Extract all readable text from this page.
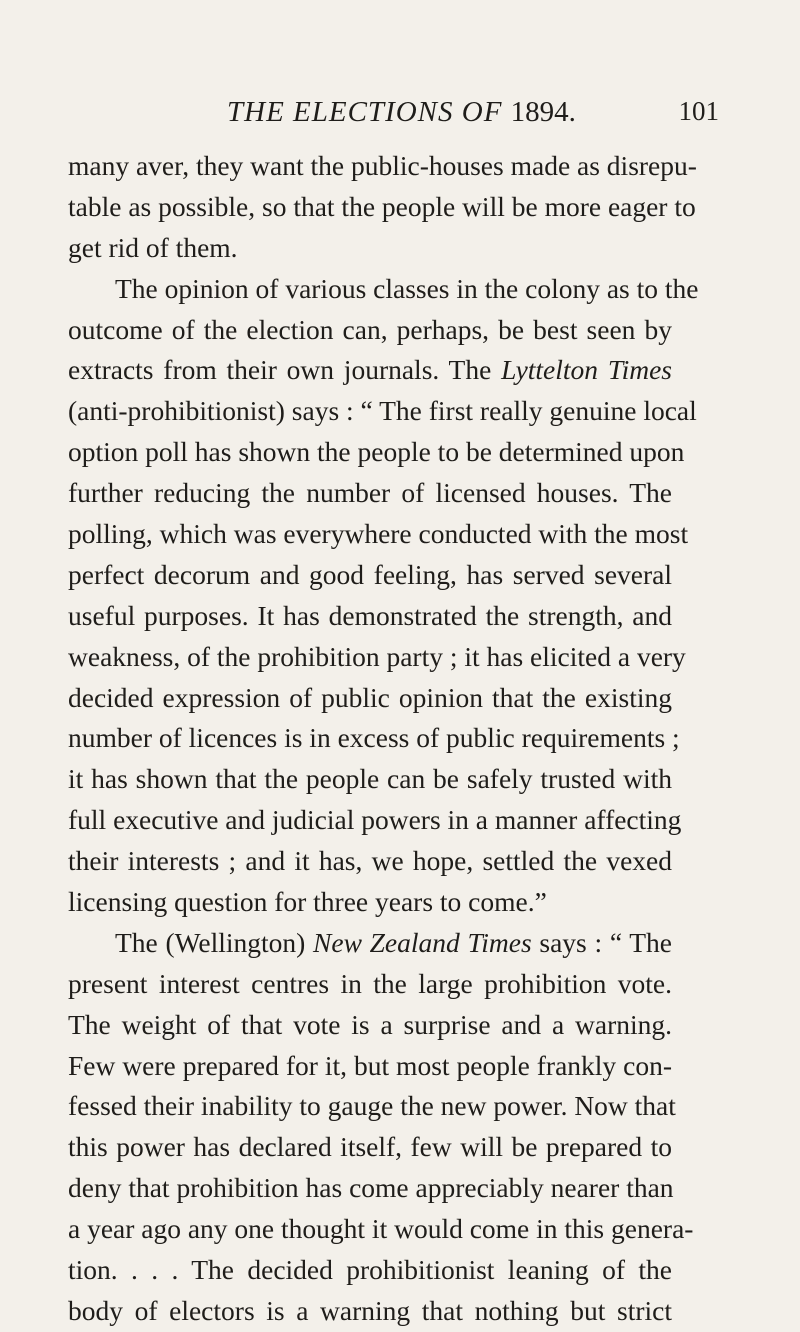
THE ELECTIONS OF 1894.	101
many aver, they want the public-houses made as disrepu-
table as possible, so that the people will be more eager to
get rid of them.
The opinion of various classes in the colony as to the
outcome of the election can, perhaps, be best seen by
extracts from their own journals. The Lyttelton Times
(anti-prohibitionist) says : “ The first really genuine local
option poll has shown the people to be determined upon
further reducing the number of licensed houses. The
polling, which was everywhere conducted with the most
perfect decorum and good feeling, has served several
useful purposes. It has demonstrated the strength, and
weakness, of the prohibition party ; it has elicited a very
decided expression of public opinion that the existing
number of licences is in excess of public requirements ;
it has shown that the people can be safely trusted with
full executive and judicial powers in a manner affecting
their interests ; and it has, we hope, settled the vexed
licensing question for three years to come.”
The (Wellington) New Zealand Times says : “ The
present interest centres in the large prohibition vote.
The weight of that vote is a surprise and a warning.
Few were prepared for it, but most people frankly con-
fessed their inability to gauge the new power. Now that
this power has declared itself, few will be prepared to
deny that prohibition has come appreciably nearer than
a year ago any one thought it would come in this genera-
tion. . . . The decided prohibitionist leaning of the
body of electors is a warning that nothing but strict
